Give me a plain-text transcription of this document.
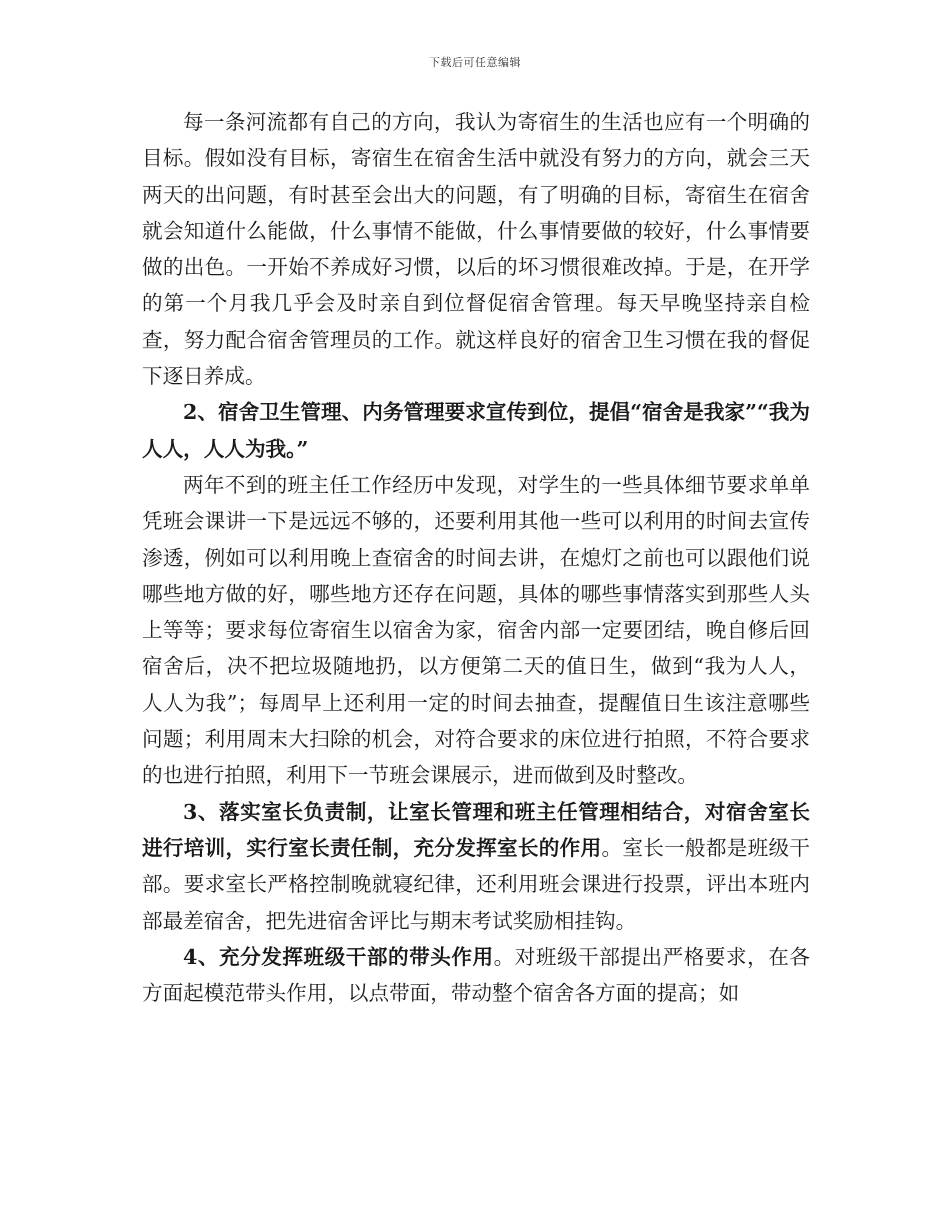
下载后可任意编辑

每一条河流都有自己的方向，我认为寄宿生的生活也应有一个明确的目标。假如没有目标，寄宿生在宿舍生活中就没有努力的方向，就会三天两天的出问题，有时甚至会出大的问题，有了明确的目标，寄宿生在宿舍就会知道什么能做，什么事情不能做，什么事情要做的较好，什么事情要做的出色。一开始不养成好习惯，以后的坏习惯很难改掉。于是，在开学的第一个月我几乎会及时亲自到位督促宿舍管理。每天早晚坚持亲自检查，努力配合宿舍管理员的工作。就这样良好的宿舍卫生习惯在我的督促下逐日养成。

2、宿舍卫生管理、内务管理要求宣传到位，提倡“宿舍是我家”“我为人人，人人为我。”

两年不到的班主任工作经历中发现，对学生的一些具体细节要求单单凭班会课讲一下是远远不够的，还要利用其他一些可以利用的时间去宣传渗透，例如可以利用晚上查宿舍的时间去讲，在熄灯之前也可以跟他们说哪些地方做的好，哪些地方还存在问题，具体的哪些事情落实到那些人头上等等；要求每位寄宿生以宿舍为家，宿舍内部一定要团结，晚自修后回宿舍后，决不把垃圾随地扔，以方便第二天的值日生，做到“我为人人，人人为我”；每周早上还利用一定的时间去抽查，提醒值日生该注意哪些问题；利用周末大扫除的机会，对符合要求的床位进行拍照，不符合要求的也进行拍照，利用下一节班会课展示，进而做到及时整改。

3、落实室长负责制，让室长管理和班主任管理相结合，对宿舍室长进行培训，实行室长责任制，充分发挥室长的作用。室长一般都是班级干部。要求室长严格控制晚就寝纪律，还利用班会课进行投票，评出本班内部最差宿舍，把先进宿舍评比与期末考试奖励相挂钩。

4、充分发挥班级干部的带头作用。对班级干部提出严格要求，在各方面起模范带头作用，以点带面，带动整个宿舍各方面的提高；如
